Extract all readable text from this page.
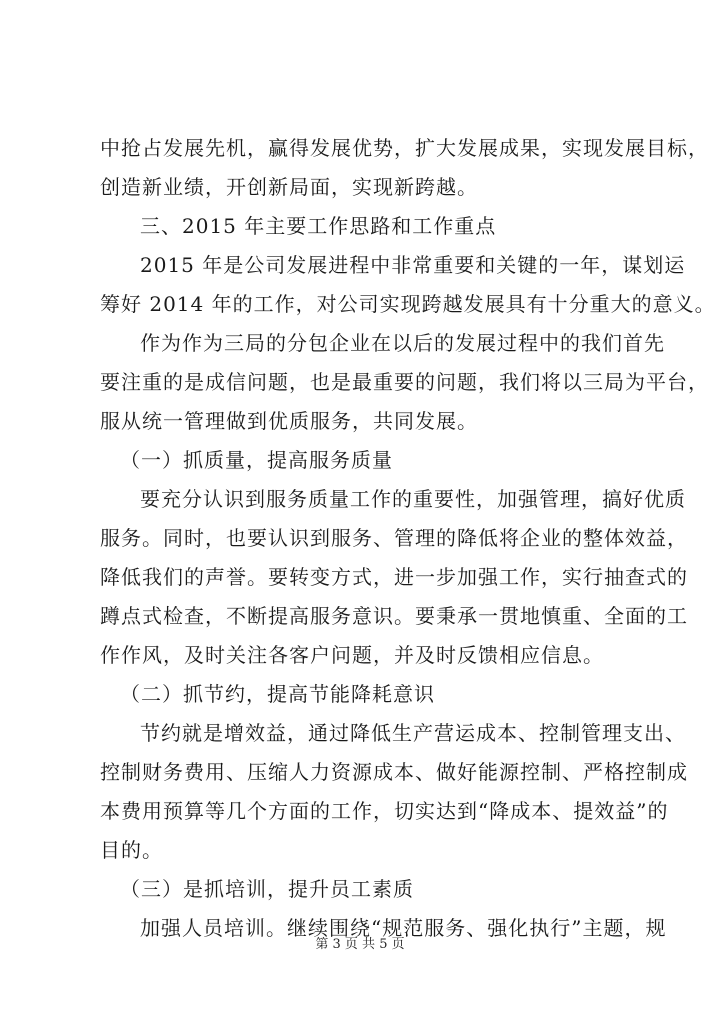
中抢占发展先机，赢得发展优势，扩大发展成果，实现发展目标，
创造新业绩，开创新局面，实现新跨越。
三、2015 年主要工作思路和工作重点
2015 年是公司发展进程中非常重要和关键的一年，谋划运
筹好 2014 年的工作，对公司实现跨越发展具有十分重大的意义。
作为作为三局的分包企业在以后的发展过程中的我们首先
要注重的是成信问题，也是最重要的问题，我们将以三局为平台，
服从统一管理做到优质服务，共同发展。
（一）抓质量，提高服务质量
要充分认识到服务质量工作的重要性，加强管理，搞好优质
服务。同时，也要认识到服务、管理的降低将企业的整体效益，
降低我们的声誉。要转变方式，进一步加强工作，实行抽查式的
蹲点式检查，不断提高服务意识。要秉承一贯地慎重、全面的工
作作风，及时关注各客户问题，并及时反馈相应信息。
（二）抓节约，提高节能降耗意识
节约就是增效益，通过降低生产营运成本、控制管理支出、
控制财务费用、压缩人力资源成本、做好能源控制、严格控制成
本费用预算等几个方面的工作，切实达到“降成本、提效益”的
目的。
（三）是抓培训，提升员工素质
加强人员培训。继续围绕“规范服务、强化执行”主题，规
第 3 页 共 5 页
